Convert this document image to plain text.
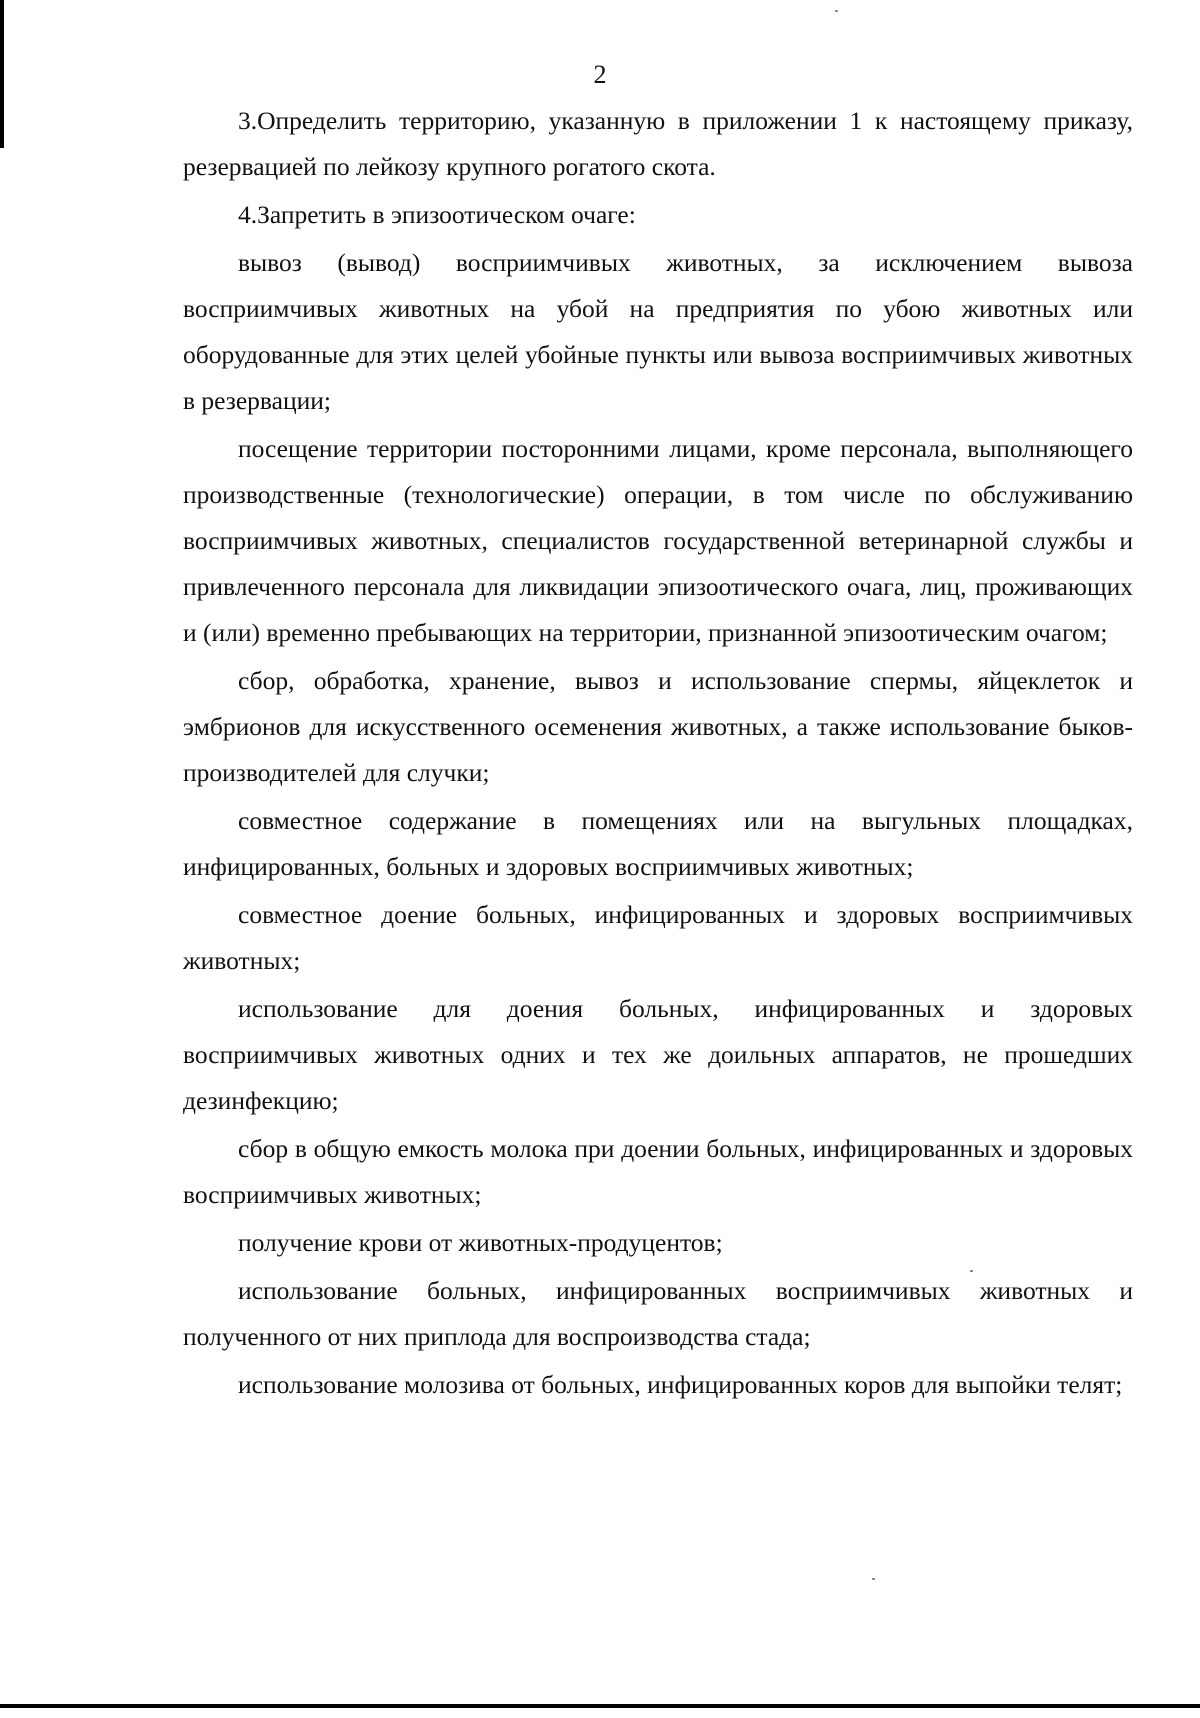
2

3.Определить территорию, указанную в приложении 1 к настоящему приказу, резервацией по лейкозу крупного рогатого скота.

4.Запретить в эпизоотическом очаге:

вывоз (вывод) восприимчивых животных, за исключением вывоза восприимчивых животных на убой на предприятия по убою животных или оборудованные для этих целей убойные пункты или вывоза восприимчивых животных в резервации;

посещение территории посторонними лицами, кроме персонала, выполняющего производственные (технологические) операции, в том числе по обслуживанию восприимчивых животных, специалистов государственной ветеринарной службы и привлеченного персонала для ликвидации эпизоотического очага, лиц, проживающих и (или) временно пребывающих на территории, признанной эпизоотическим очагом;

сбор, обработка, хранение, вывоз и использование спермы, яйцеклеток и эмбрионов для искусственного осеменения животных, а также использование быков-производителей для случки;

совместное содержание в помещениях или на выгульных площадках, инфицированных, больных и здоровых восприимчивых животных;

совместное доение больных, инфицированных и здоровых восприимчивых животных;

использование для доения больных, инфицированных и здоровых восприимчивых животных одних и тех же доильных аппаратов, не прошедших дезинфекцию;

сбор в общую емкость молока при доении больных, инфицированных и здоровых восприимчивых животных;

получение крови от животных-продуцентов;

использование больных, инфицированных восприимчивых животных и полученного от них приплода для воспроизводства стада;

использование молозива от больных, инфицированных коров для выпойки телят;
